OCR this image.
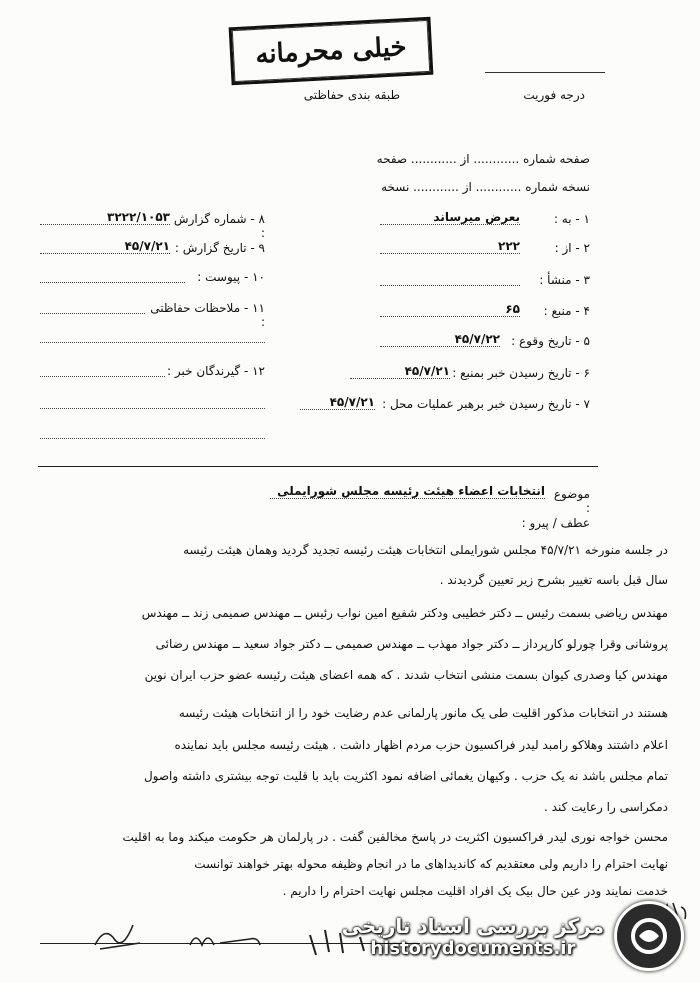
خیلی محرمانه
طبقه بندی حفاظتی	درجه فوریت
صفحه شماره ............ از ............ صفحه
نسخه شماره ............ از ............ نسخه
۱ - به :
بعرض میرساند
۲ - از :
۲۲۲
۳ - منشأ :
۴ - منبع :
۶۵
۵ - تاریخ وقوع :
۴۵/۷/۲۲
۶ - تاریخ رسیدن خبر بمنبع :
۴۵/۷/۲۱
۷ - تاریخ رسیدن خبر برهبر عملیات محل :
۴۵/۷/۲۱
۸ - شماره گزارش :
۳۲۲۲/۱۰۵۳
۹ - تاریخ گزارش :
۴۵/۷/۲۱
۱۰ - پیوست :
۱۱ - ملاحظات حفاظتی :
۱۲ - گیرندگان خبر :
موضوع :
انتخابات اعضاء هیئت رئیسه مجلس شورایملی
عطف / پیرو :
در جلسه منورخه ۴۵/۷/۲۱ مجلس شورایملی انتخابات هیئت رئیسه تجدید گردید وهمان هیئت رئیسه
سال قبل باسه تغییر بشرح زیر تعیین گردیدند .
مهندس ریاضی بسمت رئیس ــ دکتر خطیبی ودکتر شفیع امین نواب رئیس ــ مهندس صمیمی زند ــ مهندس
پروشانی وقرا چورلو کارپرداز ــ دکتر جواد مهذب ــ مهندس صمیمی ــ دکتر جواد سعید ــ مهندس رضائی
مهندس کیا وصدری کیوان بسمت منشی انتخاب شدند . که همه اعضای هیئت رئیسه عضو حزب ایران نوین
هستند در انتخابات مذکور اقلیت طی یک مانور پارلمانی عدم رضایت خود را از انتخابات هیئت رئیسه
اعلام داشتند وهلاکو رامبد لیدر فراکسیون حزب مردم اظهار داشت . هیئت رئیسه مجلس باید نماینده
تمام مجلس باشد نه یک حزب . وکیهان یغمائی اضافه نمود اکثریت باید با قلیت توجه بیشتری داشته واصول
دمکراسی را رعایت کند .
محسن خواجه نوری لیدر فراکسیون اکثریت در پاسخ مخالفین گفت . در پارلمان هر حکومت میکند وما به اقلیت
نهایت احترام را داریم ولی معتقدیم که کاندیداهای ما در انجام وظیفه محوله بهتر خواهند توانست
خدمت نمایند ودر عین حال بیک یک افراد اقلیت مجلس نهایت احترام را داریم .
مرکز بررسی اسناد تاریخی
historydocuments.ir
